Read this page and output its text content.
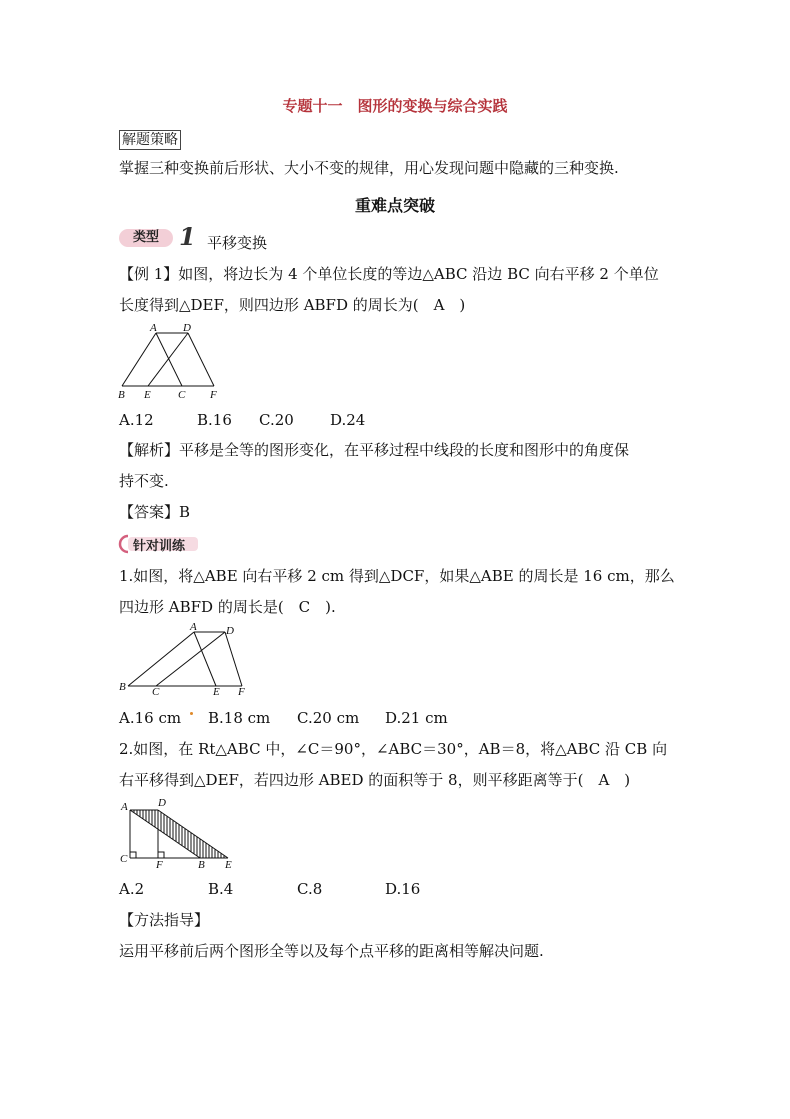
专题十一　图形的变换与综合实践
解题策略
掌握三种变换前后形状、大小不变的规律，用心发现问题中隐藏的三种变换.
重难点突破
类型 1 平移变换
【例 1】如图，将边长为 4 个单位长度的等边△ABC 沿边 BC 向右平移 2 个单位
长度得到△DEF，则四边形 ABFD 的周长为(　A　)
A D
B E C F
A.12	B.16 C.20 D.24
【解析】平移是全等的图形变化，在平移过程中线段的长度和图形中的角度保
持不变.
【答案】B
针对训练
1.如图，将△ABE 向右平移 2 cm 得到△DCF，如果△ABE 的周长是 16 cm，那么
四边形 ABFD 的周长是(　C　).
A	D
B C	E F
A.16 cm B.18 cm C.20 cm D.21 cm
2.如图，在 Rt△ABC 中，∠C＝90°，∠ABC＝30°，AB＝8，将△ABC 沿 CB 向
右平移得到△DEF，若四边形 ABED 的面积等于 8，则平移距离等于(　A　)
A	D
C	F	B E
A.2	B.4	C.8	D.16
【方法指导】
运用平移前后两个图形全等以及每个点平移的距离相等解决问题.
